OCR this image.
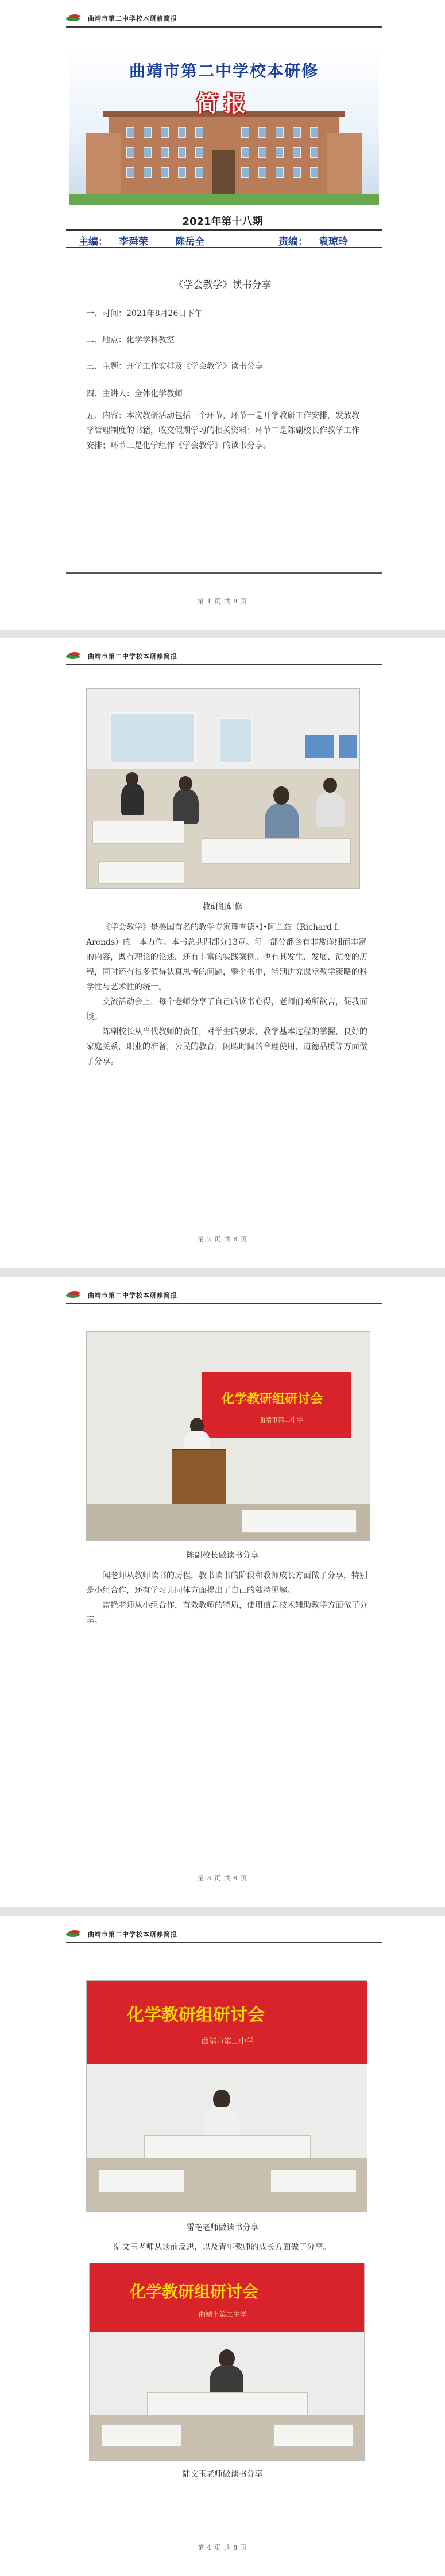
曲靖市第二中学校本研修简报
曲靖市第二中学校本研修
简报
2021年第十八期
主编： 李舜荣	陈岳全	责编： 袁琼玲
《学会教学》读书分享
一、时间：2021年8月26日下午
二、地点：化学学科教室
三、主题：开学工作安排及《学会教学》读书分享
四、主讲人：全体化学教师
五、内容：本次教研活动包括三个环节，环节一是开学教研工作安排，发放教学管理制度的书籍，收交假期学习的相关资料；环节二是陈副校长作教学工作安排；环节三是化学组作《学会教学》的读书分享。
第 1 页 共 8 页
曲靖市第二中学校本研修简报
教研组研修

《学会教学》是美国有名的教学专家理查德•I•阿兰兹（Richard I. Arends）的一本力作。本书总共四部分13章。每一部分都含有非常详细而丰富的内容，既有理论的论述，还有丰富的实践案例。也有其发生、发展、演变的历程，同时还有很多值得认真思考的问题，整个书中，特别讲究课堂教学策略的科学性与艺术性的统一。

交流活动会上，每个老师分享了自己的读书心得，老师们畅所欲言，促我而谈。

陈副校长从当代教师的责任，对学生的要求，教学基本过程的掌握，良好的家庭关系，职业的准备，公民的教育，闲暇时间的合理使用，道德品质等方面做了分享。

第 2 页 共 8 页
曲靖市第二中学校本研修简报
化学教研组研讨会
曲靖市第二中学
陈副校长做读书分享

闻老师从教师读书的历程，教书读书的阶段和教师成长方面做了分享，特别是小组合作，还有学习共同体方面提出了自己的独特见解。

雷艳老师从小组合作，有效教师的特质，使用信息技术辅助教学方面做了分享。

第 3 页 共 8 页
曲靖市第二中学校本研修简报
化学教研组研讨会
曲靖市第二中学
雷艳老师做读书分享
陆文玉老师从读前反思，以及青年教师的成长方面做了分享。
化学教研组研讨会
曲靖市第二中学
陆文玉老师做读书分享
第 4 页 共 8 页
